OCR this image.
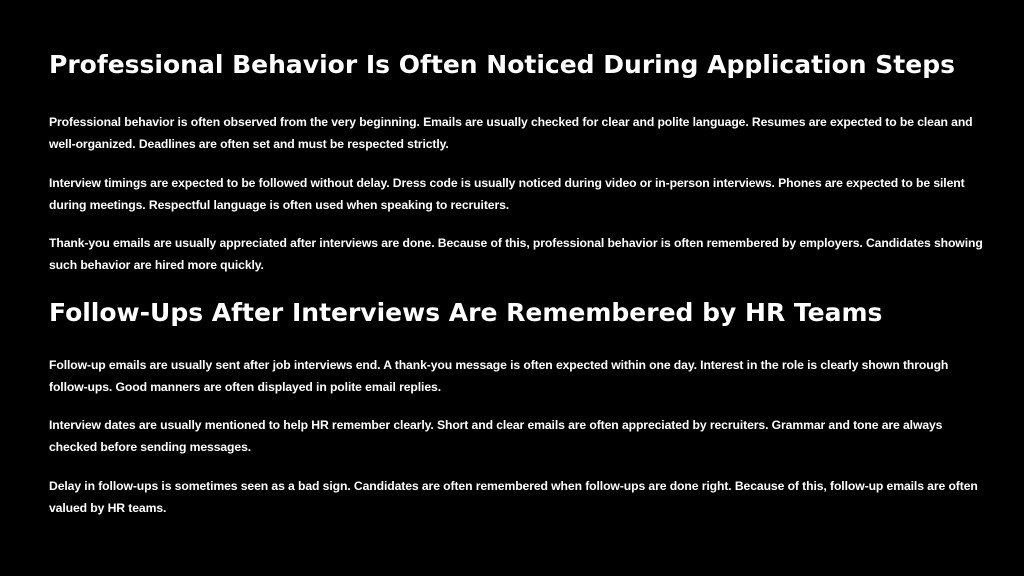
Professional Behavior Is Often Noticed During Application Steps

Professional behavior is often observed from the very beginning. Emails are usually checked for clear and polite language. Resumes are expected to be clean and well-organized. Deadlines are often set and must be respected strictly.

Interview timings are expected to be followed without delay. Dress code is usually noticed during video or in-person interviews. Phones are expected to be silent during meetings. Respectful language is often used when speaking to recruiters.

Thank-you emails are usually appreciated after interviews are done. Because of this, professional behavior is often remembered by employers. Candidates showing such behavior are hired more quickly.

Follow-Ups After Interviews Are Remembered by HR Teams

Follow-up emails are usually sent after job interviews end. A thank-you message is often expected within one day. Interest in the role is clearly shown through follow-ups. Good manners are often displayed in polite email replies.

Interview dates are usually mentioned to help HR remember clearly. Short and clear emails are often appreciated by recruiters. Grammar and tone are always checked before sending messages.

Delay in follow-ups is sometimes seen as a bad sign. Candidates are often remembered when follow-ups are done right. Because of this, follow-up emails are often valued by HR teams.
